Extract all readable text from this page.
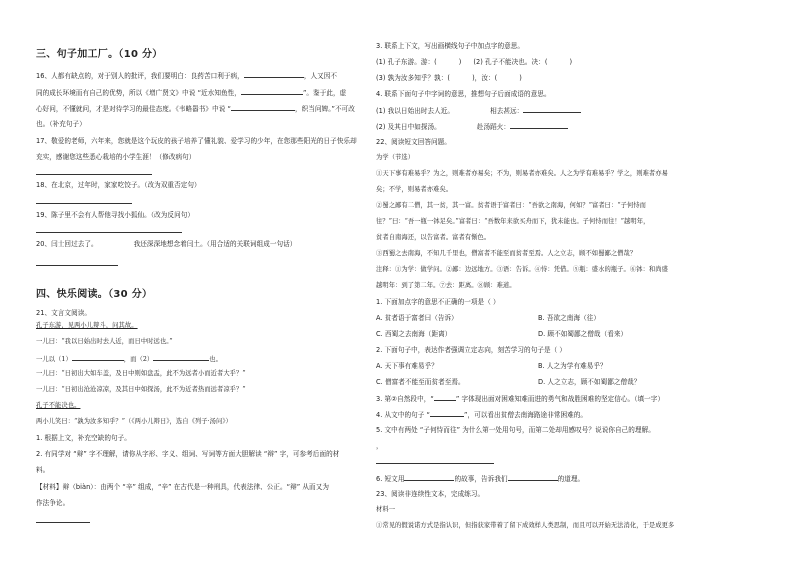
三、句子加工厂。（10 分）
16、人都有缺点的，对于别人的批评，我们要明白：良药苦口利于病，	，人又因不
同的成长环境而有自己的优势，所以《增广贤文》中说 “近水知鱼性，	”。鉴于此，虚
心好问，不懂就问，才是对待学习的最佳态度。《韦略嚣书》中说 “	，织当问婢。”不可改
也。（补充句子）
17、敬爱的老师，六年来，您就是这个玩皮的孩子培养了懂礼貌、爱学习的少年，在您那些阳光的日子快乐却
充实，感谢您这些悉心栽培的小学生涯！（修改病句）
18、在北京，过年时，家家吃饺子。（改为双重否定句）
19、陈子里不会有人帮他寻找小狐仙。（改为反问句）
20、闫士回过去了。	我还深深地想念着闫土。（用合适的关联词组成一句话）
四、快乐阅读。（30 分）
21、文言文阅读。
孔子东游，见两小儿辩斗，问其故。
一儿曰：“我以日始出时去人近，而日中时远也。”
一儿以（1）	，而（2）	也。
一儿曰：“日初出大如车盖，及日中则如盘盂，此不为远者小而近者大乎？”
一儿曰：“日初出沧沧凉凉，及其日中如探汤，此不为近者热而远者凉乎？”
孔子不能决也。
两小儿笑曰：“孰为汝多知乎？”（《两小儿辩日》，选自《列子·汤问》）
1. 根据上文，补充空缺的句子。
2. 有同学对 “辩” 字不理解，请你从字形、字义、组词、写词等方面大胆解读 “辩” 字，可参考后面的材
料。
【材料】辩（biàn）：由两个 “辛” 组成，“辛” 在古代是一种刑具，代表法律、公正。“辩” 从而又为
作法争论。
3. 联系上下文，写出画横线句子中加点字的意思。
(1) 孔子东游。游：(	) (2) 孔子不能决也。决：(	)
(3) 孰为汝多知乎？孰：(	)，汝：(	)
4. 联系下面句子中字词的意思，推想句子后面成语的意思。
(1) 我以日始出时去人近。	相去甚远：
(2) 及其日中如探汤。	赴汤蹈火：
22、阅读短文回答问题。
为学（节选）
①天下事有难易乎？为之，则难者亦易矣；不为，则易者亦难矣。人之为学有难易乎？学之，则难者亦易
矣；不学，则易者亦难矣。
②蜀之鄙有二僧，其一贫，其一富。贫者语于富者曰：“吾欲之南海，何如？”富者曰：“子何恃而
往？”曰：“吾一瓶一钵足矣。”富者曰：“吾数年来欲买舟而下，犹未能也。子何恃而往！”越明年，
贫者自南海还，以告富者。富者有惭色。
③西蜀之去南海，不知几千里也，僧富者不能至而贫者至焉。人之立志，顾不如蜀鄙之僧哉？
注释：①为学：做学问。②鄙：边远地方。③语：告诉。④恃：凭借。⑤瓶：盛水的瓶子。⑥钵：和尚盛
越明年：到了第二年。⑦去：距离。⑧顾：难道。
1. 下面加点字的意思不正确的一项是（ ）
A. 贫者语于富者曰（告诉）	B. 吾欲之南海（往）
C. 西蜀之去南海（距离）	D. 顾不如蜀鄙之僧哉（看来）
2. 下面句子中，表达作者强调立定志向，刻苦学习的句子是（ ）
A. 天下事有难易乎？	B. 人之为学有难易乎？
C. 僧富者不能至而贫者至焉。	D. 人之立志，顾不如蜀鄙之僧哉？
3. 第②自然段中，“	” 字体现出面对困难知难而进的勇气和战胜困难的坚定信心。（填一字）
4. 从文中的句子 “	”，可以看出贫僧去南海路途非常困难的。
5. 文中有两处 “子何恃而往” 为什么第一处用句号，而第二处却用感叹号？说说你自己的理解。
，
6. 短文用	的故事，告诉我们	的道理。
23、阅读非连续性文本，完成练习。
材料一
①常见的假说诺方式是指认识，但指获家带着了留下成效样人类思制，而且可以开始无法消化，于是成更多
